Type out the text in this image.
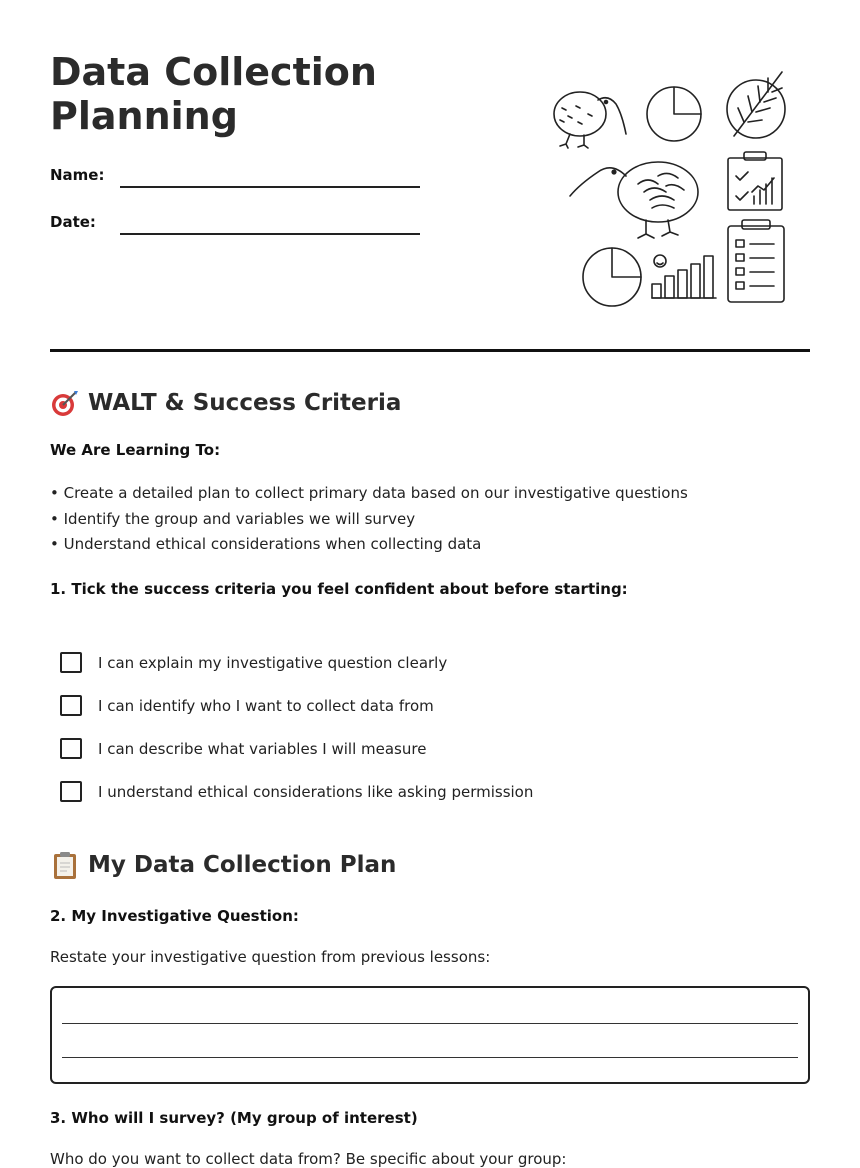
Data Collection Planning
Name:
Date:
WALT & Success Criteria
We Are Learning To:
• Create a detailed plan to collect primary data based on our investigative questions
• Identify the group and variables we will survey
• Understand ethical considerations when collecting data
1. Tick the success criteria you feel confident about before starting:
I can explain my investigative question clearly
I can identify who I want to collect data from
I can describe what variables I will measure
I understand ethical considerations like asking permission
My Data Collection Plan
2. My Investigative Question:
Restate your investigative question from previous lessons:
3. Who will I survey? (My group of interest)
Who do you want to collect data from? Be specific about your group:
